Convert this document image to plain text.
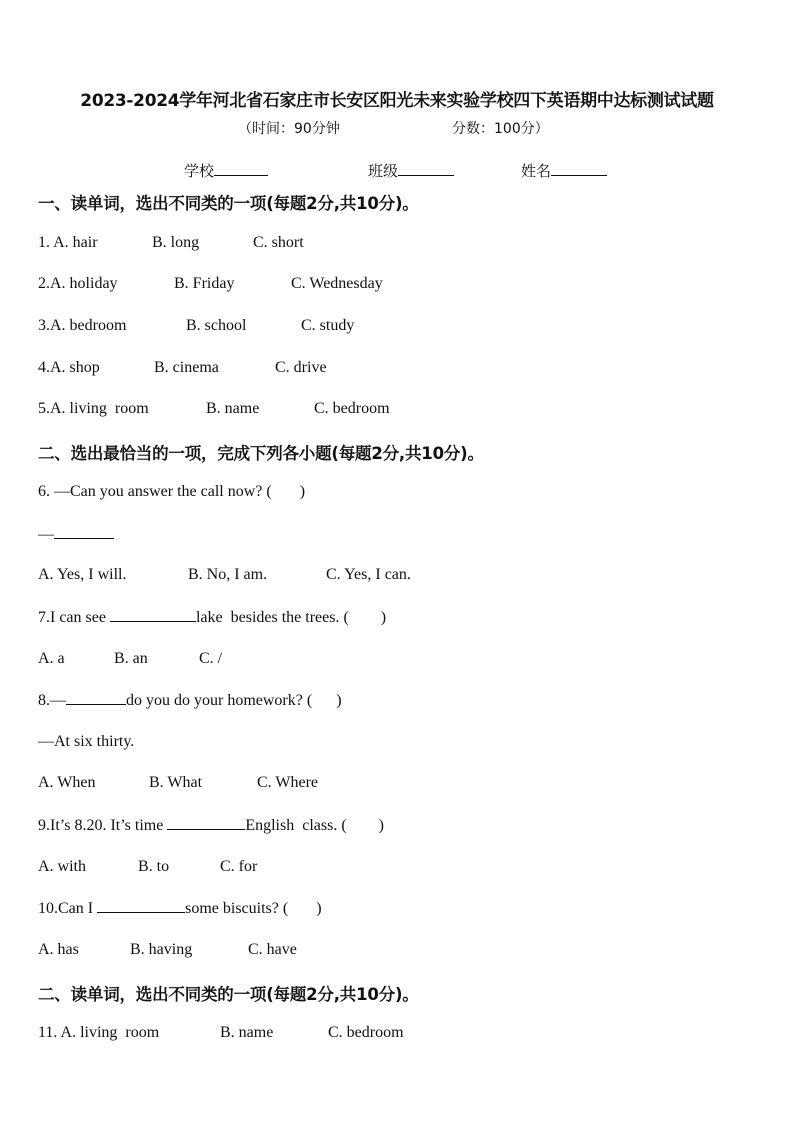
2023-2024学年河北省石家庄市长安区阳光未来实验学校四下英语期中达标测试试题
（时间：90分钟	分数：100分）
学校	班级	姓名
一、读单词，选出不同类的一项(每题2分,共10分)。
1. A. hair	B. long	C. short
2.A. holiday	B. Friday	C. Wednesday
3.A. bedroom	B. school	C. study
4.A. shop	B. cinema	C. drive
5.A. living  room	B. name	C. bedroom
二、选出最恰当的一项，完成下列各小题(每题2分,共10分)。
6. —Can you answer the call now? (       )
—
A. Yes, I will.	B. No, I am.	C. Yes, I can.
7.I can see	lake  besides the trees. (        )
A. a	B. an	C. /
8.—	do you do your homework? (      )
—At six thirty.
A. When	B. What	C. Where
9.It’s 8.20. It’s time	English  class. (        )
A. with	B. to	C. for
10.Can I	some biscuits? (       )
A. has	B. having	C. have
二、读单词，选出不同类的一项(每题2分,共10分)。
11. A. living  room	B. name	C. bedroom
